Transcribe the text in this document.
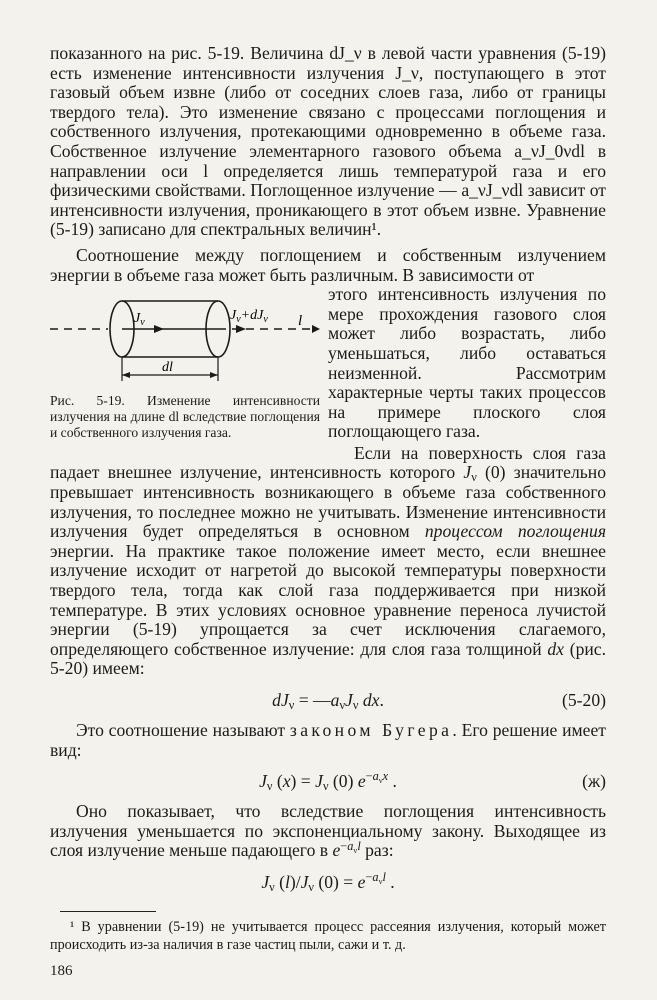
показанного на рис. 5-19. Величина dJ_ν в левой части уравнения (5-19) есть изменение интенсивности излучения J_ν, поступающего в этот газовый объем извне (либо от соседних слоев газа, либо от границы твердого тела). Это изменение связано с процессами поглощения и собственного излучения, протекающими одновременно в объеме газа. Собственное излучение элементарного газового объема a_νJ_0νdl в направлении оси l определяется лишь температурой газа и его физическими свойствами. Поглощенное излучение — a_νJ_νdl зависит от интенсивности излучения, проникающего в этот объем извне. Уравнение (5-19) записано для спектральных величин¹.

Соотношение между поглощением и собственным излучением энергии в объеме газа может быть различным. В зависимости от

$J_\nu$	$J_\nu+dJ_\nu$ l
dl
Рис. 5-19. Изменение интенсивности излучения на длине dl вследствие поглощения и собственного излучения газа.

этого интенсивность излучения по мере прохождения газового слоя может либо возрастать, либо уменьшаться, либо оставаться неизменной. Рассмотрим характерные черты таких процессов на примере плоского слоя поглощающего газа.

Если на поверхность слоя газа падает внешнее излучение, интенсивность которого $J_\nu$ (0) значительно превышает интенсивность возникающего в объеме газа собственного излучения, то последнее можно не учитывать. Изменение интенсивности излучения будет определяться в основном процессом поглощения энергии. На практике такое положение имеет место, если внешнее излучение исходит от нагретой до высокой температуры поверхности твердого тела, тогда как слой газа поддерживается при низкой температуре. В этих условиях основное уравнение переноса лучистой энергии (5-19) упрощается за счет исключения слагаемого, определяющего собственное излучение: для слоя газа толщиной dx (рис. 5-20) имеем:

$dJ_\nu$ = $—a_\nu J_\nu$ dx.	(5-20)

Это соотношение называют законом Бугера. Его решение имеет вид:

$J_\nu$ $(x) = J_\nu$ (0) $e^{-a_\nu x}$ .	(ж)

Оно показывает, что вследствие поглощения интенсивность излучения уменьшается по экспоненциальному закону. Выходящее из слоя излучение меньше падающего в $e^{-a_\nu l}$ раз:

$J_\nu$ $(l)/J_\nu$ $(0) = e^{-a_\nu l}$ .

¹ В уравнении (5-19) не учитывается процесс рассеяния излучения, который может происходить из-за наличия в газе частиц пыли, сажи и т. д.

186
